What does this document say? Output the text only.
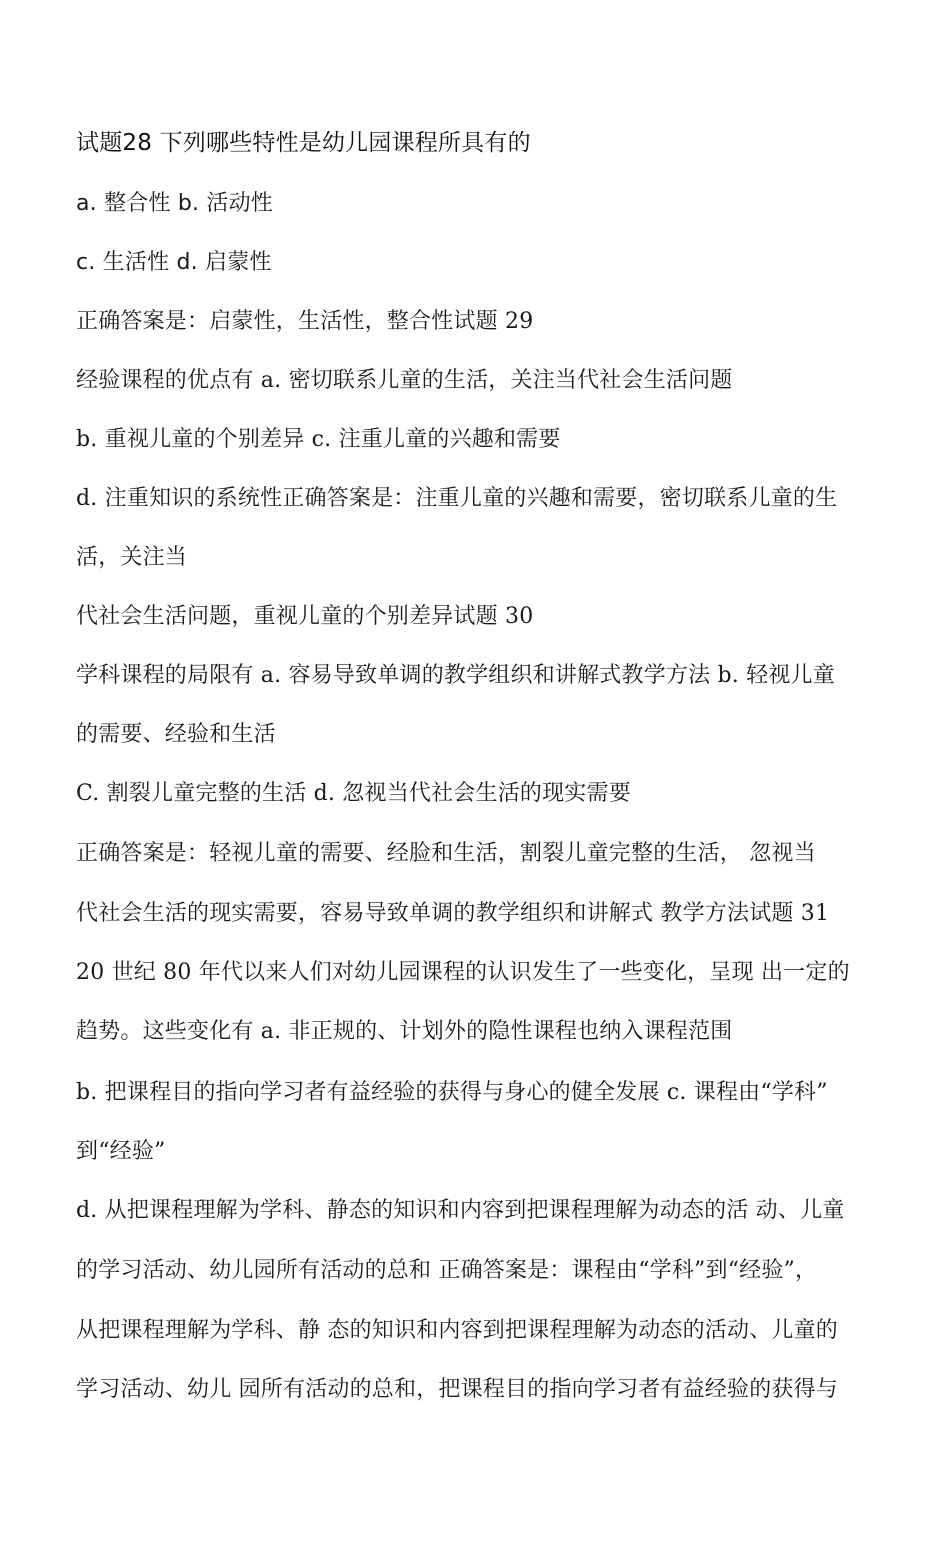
试题28 下列哪些特性是幼儿园课程所具有的
a. 整合性 b. 活动性
c. 生活性 d. 启蒙性
正确答案是：启蒙性，生活性，整合性试题 29
经验课程的优点有 a. 密切联系儿童的生活，关注当代社会生活问题
b. 重视儿童的个别差异 c. 注重儿童的兴趣和需要
d. 注重知识的系统性正确答案是：注重儿童的兴趣和需要，密切联系儿童的生
活，关注当
代社会生活问题，重视儿童的个别差异试题 30
学科课程的局限有 a. 容易导致单调的教学组织和讲解式教学方法 b. 轻视儿童
的需要、经验和生活
C. 割裂儿童完整的生活 d. 忽视当代社会生活的现实需要
正确答案是：轻视儿童的需要、经脸和生活，割裂儿童完整的生活， 忽视当
代社会生活的现实需要，容易导致单调的教学组织和讲解式 教学方法试题 31
20 世纪 80 年代以来人们对幼儿园课程的认识发生了一些变化，呈现 出一定的
趋势。这些变化有 a. 非正规的、计划外的隐性课程也纳入课程范围
b. 把课程目的指向学习者有益经验的获得与身心的健全发展 c. 课程由“学科”
到“经验”
d. 从把课程理解为学科、静态的知识和内容到把课程理解为动态的活 动、儿童
的学习活动、幼儿园所有活动的总和 正确答案是：课程由“学科”到“经验”，
从把课程理解为学科、静 态的知识和内容到把课程理解为动态的活动、儿童的
学习活动、幼儿 园所有活动的总和，把课程目的指向学习者有益经验的获得与
